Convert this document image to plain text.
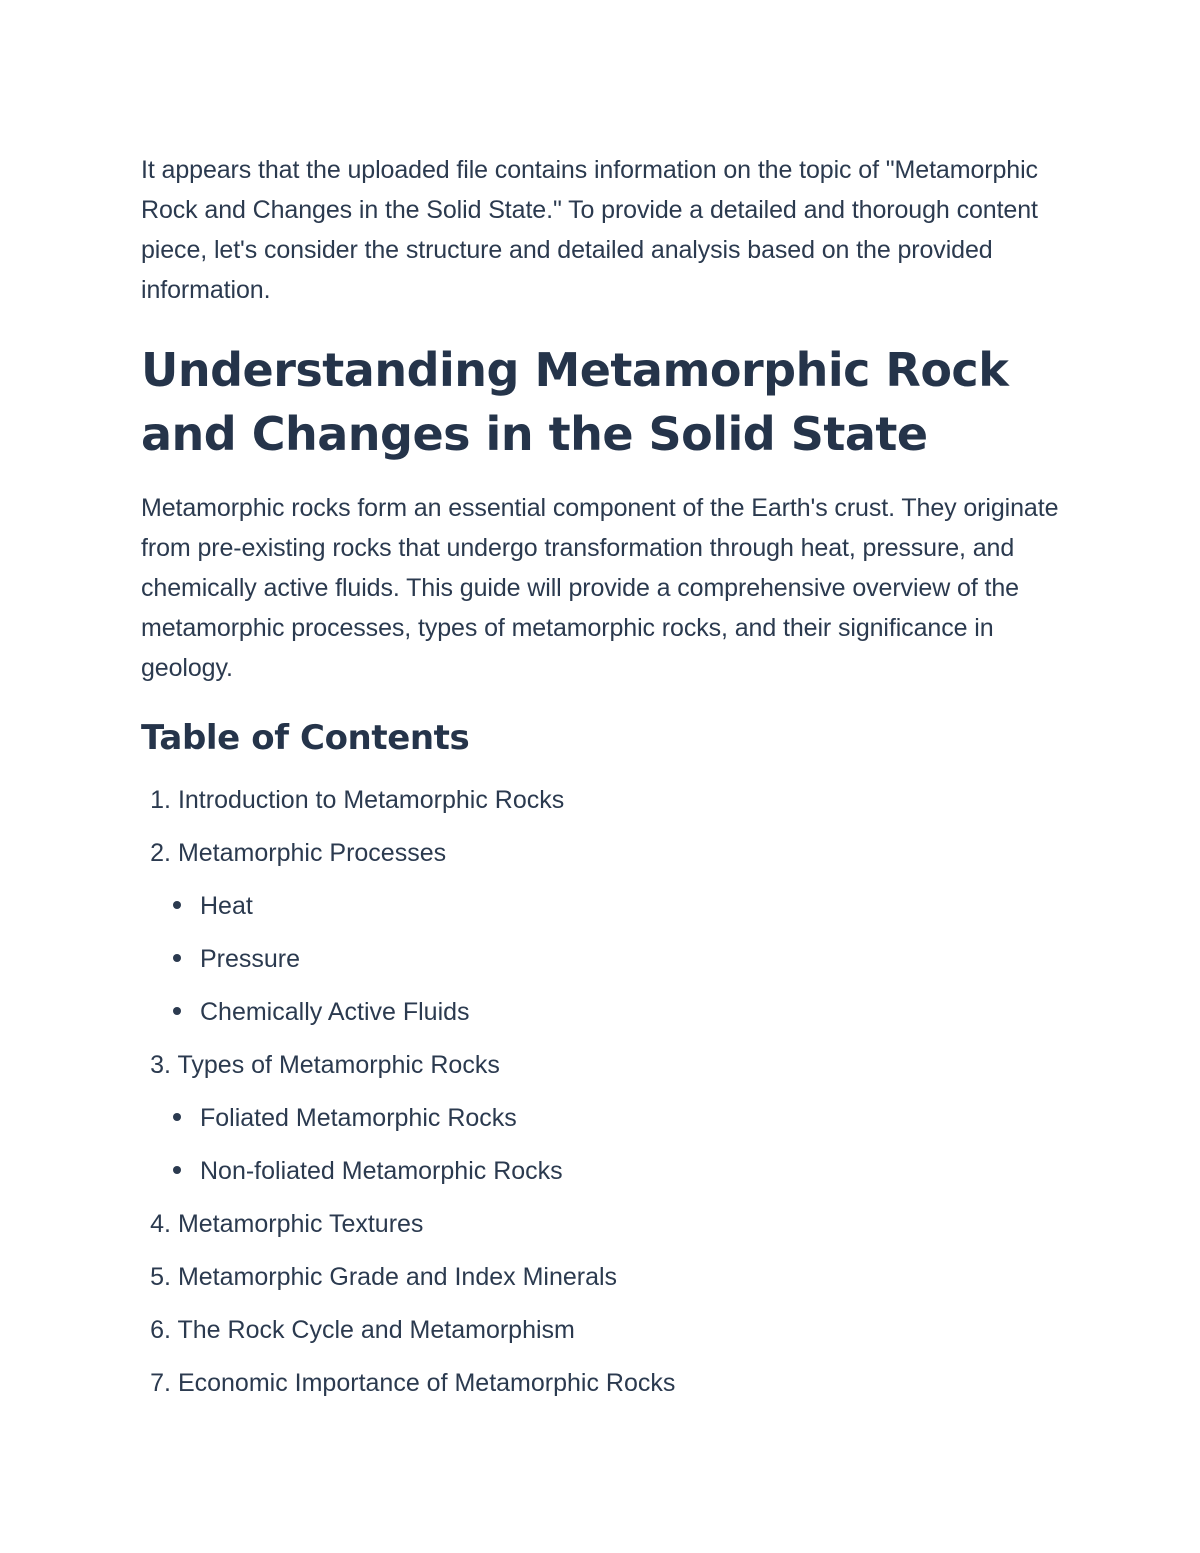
It appears that the uploaded file contains information on the topic of "Metamorphic Rock and Changes in the Solid State." To provide a detailed and thorough content piece, let's consider the structure and detailed analysis based on the provided information.

Understanding Metamorphic Rock and Changes in the Solid State

Metamorphic rocks form an essential component of the Earth's crust. They originate from pre-existing rocks that undergo transformation through heat, pressure, and chemically active fluids. This guide will provide a comprehensive overview of the metamorphic processes, types of metamorphic rocks, and their significance in geology.

Table of Contents
1. Introduction to Metamorphic Rocks
2. Metamorphic Processes
Heat
Pressure
Chemically Active Fluids
3. Types of Metamorphic Rocks
Foliated Metamorphic Rocks
Non-foliated Metamorphic Rocks
4. Metamorphic Textures
5. Metamorphic Grade and Index Minerals
6. The Rock Cycle and Metamorphism
7. Economic Importance of Metamorphic Rocks
